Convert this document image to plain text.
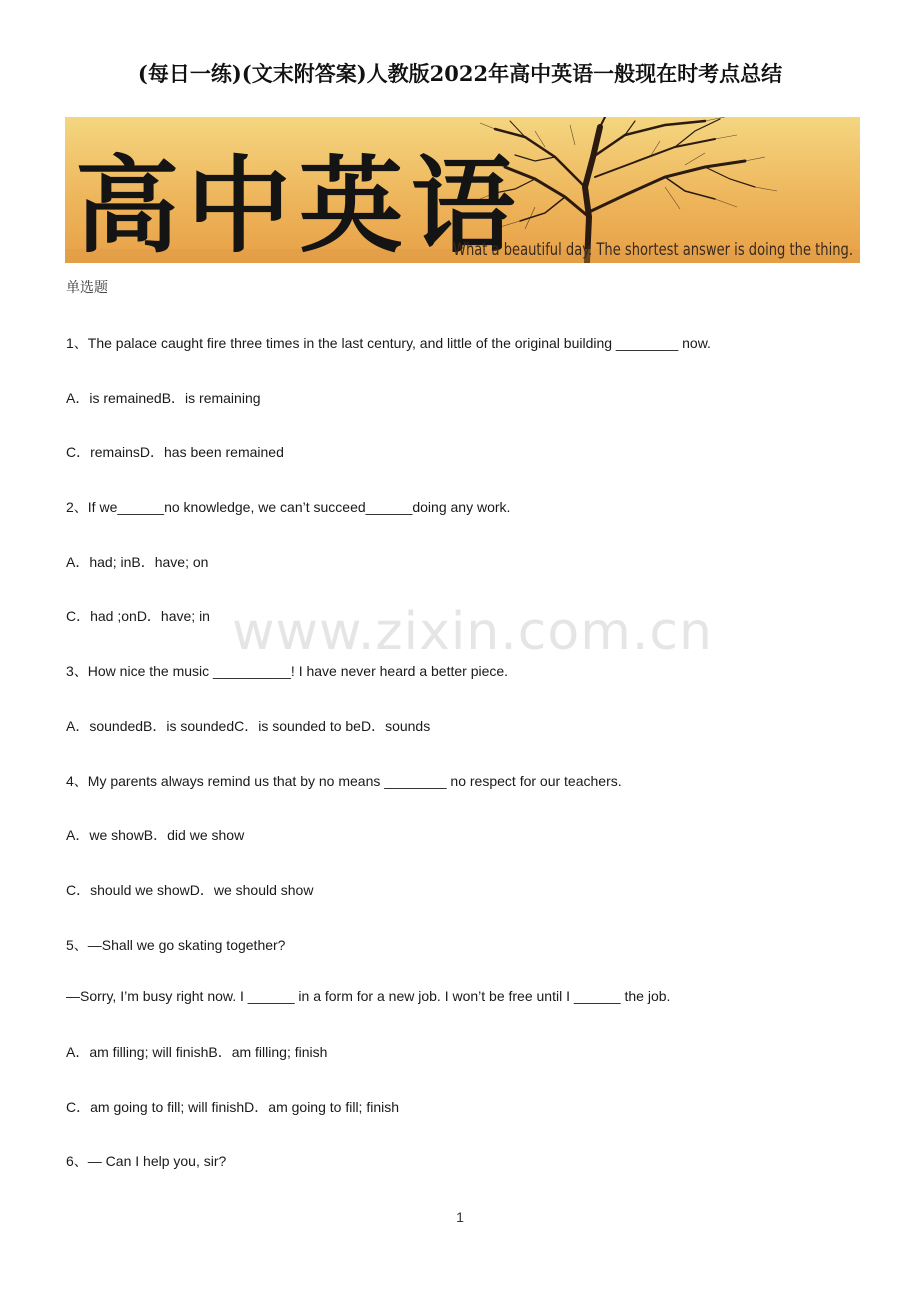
(每日一练)(文末附答案)人教版2022年高中英语一般现在时考点总结
高中英语
What a beautiful day. The shortest answer is doing the thing.
单选题
1、The palace caught fire three times in the last century, and little of the original building ________ now.
A．is remainedB．is remaining
C．remainsD．has been remained
2、If we______no knowledge, we can’t succeed______doing any work.
A．had; inB．have; on
C．had ;onD．have; in
3、How nice the music __________! I have never heard a better piece.
A．soundedB．is soundedC．is sounded to beD．sounds
4、My parents always remind us that by no means ________ no respect for our teachers.
A．we showB．did we show
C．should we showD．we should show
5、—Shall we go skating together?
—Sorry, I’m busy right now. I ______ in a form for a new job. I won’t be free until I ______ the job.
A．am filling; will finishB．am filling; finish
C．am going to fill; will finishD．am going to fill; finish
6、— Can I help you, sir?
www.zixin.com.cn
1
